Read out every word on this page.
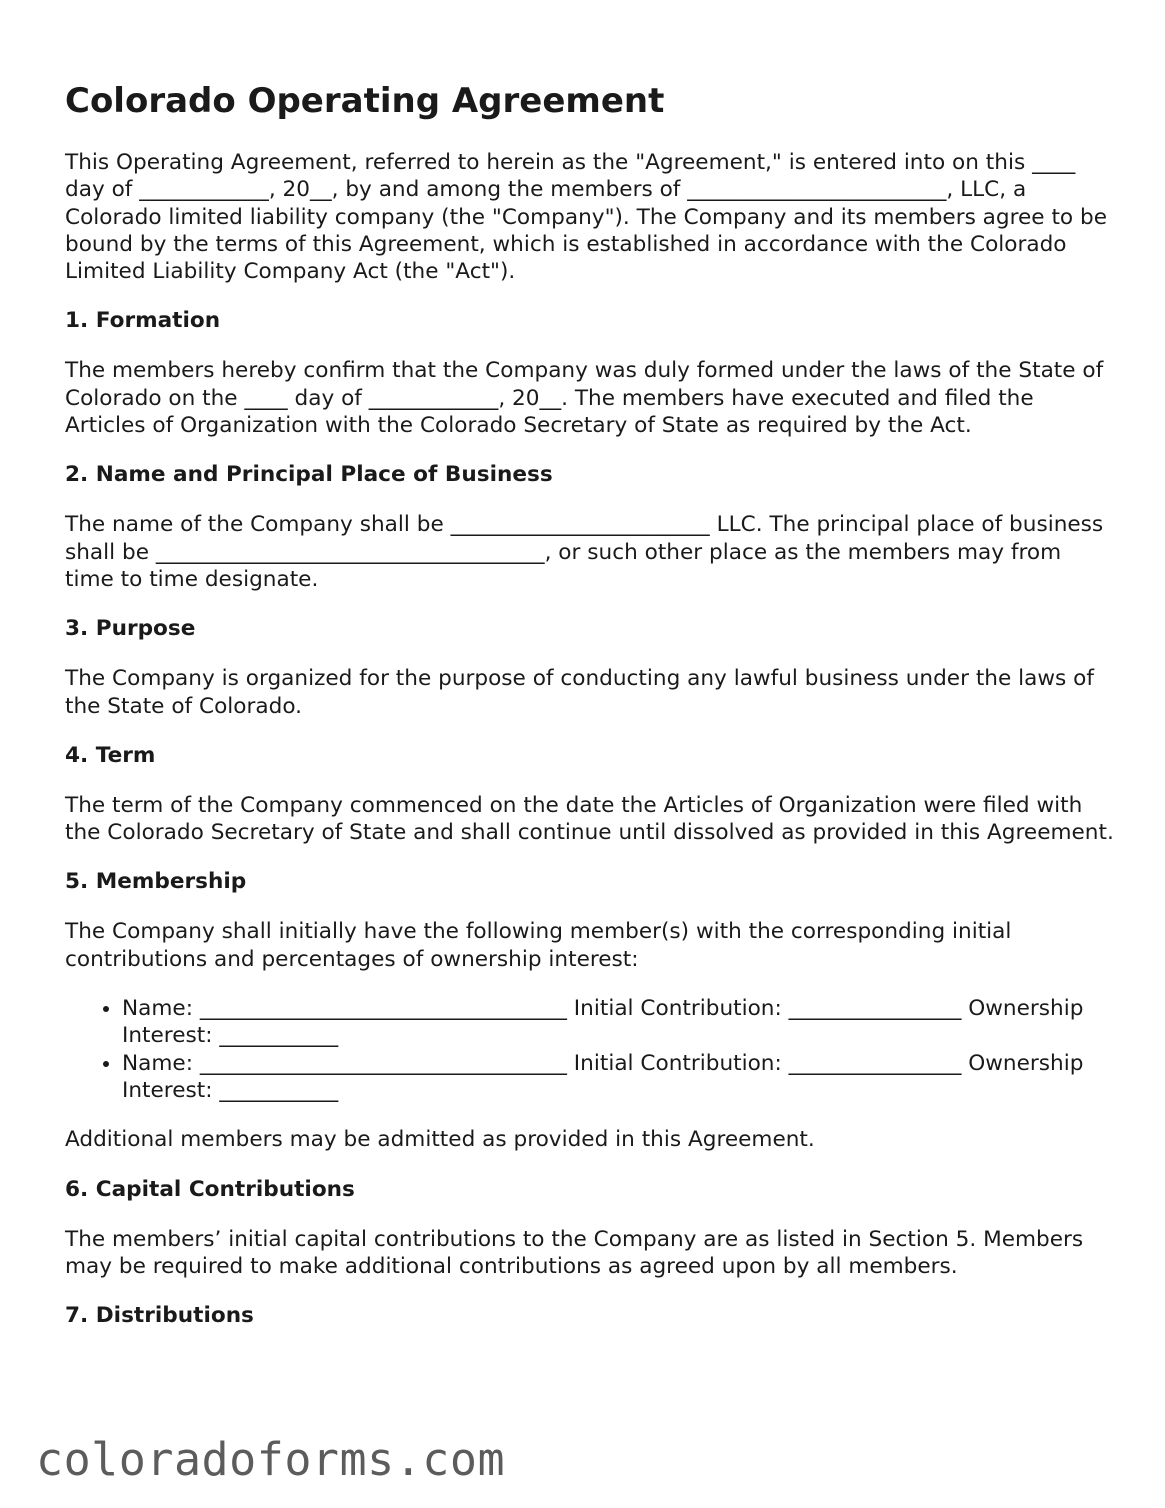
Colorado Operating Agreement

This Operating Agreement, referred to herein as the "Agreement," is entered into on this ____ day of ____________, 20__, by and among the members of ________________________, LLC, a Colorado limited liability company (the "Company"). The Company and its members agree to be bound by the terms of this Agreement, which is established in accordance with the Colorado Limited Liability Company Act (the "Act").

1. Formation

The members hereby confirm that the Company was duly formed under the laws of the State of Colorado on the ____ day of ____________, 20__. The members have executed and filed the Articles of Organization with the Colorado Secretary of State as required by the Act.

2. Name and Principal Place of Business

The name of the Company shall be ________________________ LLC. The principal place of business shall be ____________________________________, or such other place as the members may from time to time designate.

3. Purpose

The Company is organized for the purpose of conducting any lawful business under the laws of the State of Colorado.

4. Term

The term of the Company commenced on the date the Articles of Organization were filed with the Colorado Secretary of State and shall continue until dissolved as provided in this Agreement.

5. Membership

The Company shall initially have the following member(s) with the corresponding initial contributions and percentages of ownership interest:

• Name: __________________________________ Initial Contribution: ________________ Ownership Interest: ___________
• Name: __________________________________ Initial Contribution: ________________ Ownership Interest: ___________

Additional members may be admitted as provided in this Agreement.

6. Capital Contributions

The members’ initial capital contributions to the Company are as listed in Section 5. Members may be required to make additional contributions as agreed upon by all members.

7. Distributions
coloradoforms.com
